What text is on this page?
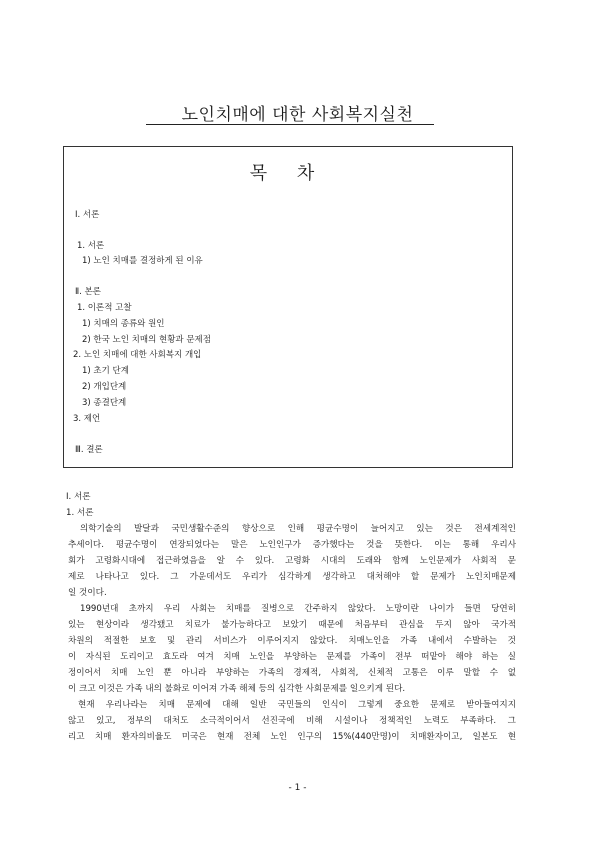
노인치매에 대한 사회복지실천
목 차
Ⅰ. 서론
1. 서론
1) 노인 치매를 결정하게 된 이유
Ⅱ. 본론
1. 이론적 고찰
1) 치매의 종류와 원인
2) 한국 노인 치매의 현황과 문제점
2. 노인 치매에 대한 사회복지 개입
1) 초기 단계
2) 개입단계
3) 종결단계
3. 제언
Ⅲ. 결론
Ⅰ. 서론
1. 서론
의학기술의 발달과 국민생활수준의 향상으로 인해 평균수명이 늘어지고 있는 것은 전세계적인
추세이다. 평균수명이 연장되었다는 말은 노인인구가 증가했다는 것을 뜻한다. 이는 통해 우리사
회가 고령화시대에 접근하였음을 알 수 있다. 고령화 시대의 도래와 함께 노인문제가 사회적 문
제로 나타나고 있다. 그 가운데서도 우리가 심각하게 생각하고 대처해야 할 문제가 노인치매문제
일 것이다.
1990년대 초까지 우리 사회는 치매를 질병으로 간주하지 않았다. 노망이란 나이가 들면 당연히
있는 현상이라 생각됐고 치료가 불가능하다고 보았기 때문에 처음부터 관심을 두지 않아 국가적
차원의 적절한 보호 및 관리 서비스가 이루어지지 않았다. 치매노인을 가족 내에서 수발하는 것
이 자식된 도리이고 효도라 여겨 치매 노인을 부양하는 문제를 가족이 전부 떠맡아 해야 하는 실
정이어서 치매 노인 뿐 아니라 부양하는 가족의 경제적, 사회적, 신체적 고통은 이루 말할 수 없
이 크고 이것은 가족 내의 불화로 이어져 가족 해체 등의 심각한 사회문제를 일으키게 된다.
현재 우리나라는 치매 문제에 대해 일반 국민들의 인식이 그렇게 중요한 문제로 받아들여지지
않고 있고, 정부의 대처도 소극적이어서 선진국에 비해 시설이나 정책적인 노력도 부족하다. 그
리고 치매 환자의비율도 미국은 현재 전체 노인 인구의 15%(440만명)이 치매환자이고, 일본도 현
- 1 -
